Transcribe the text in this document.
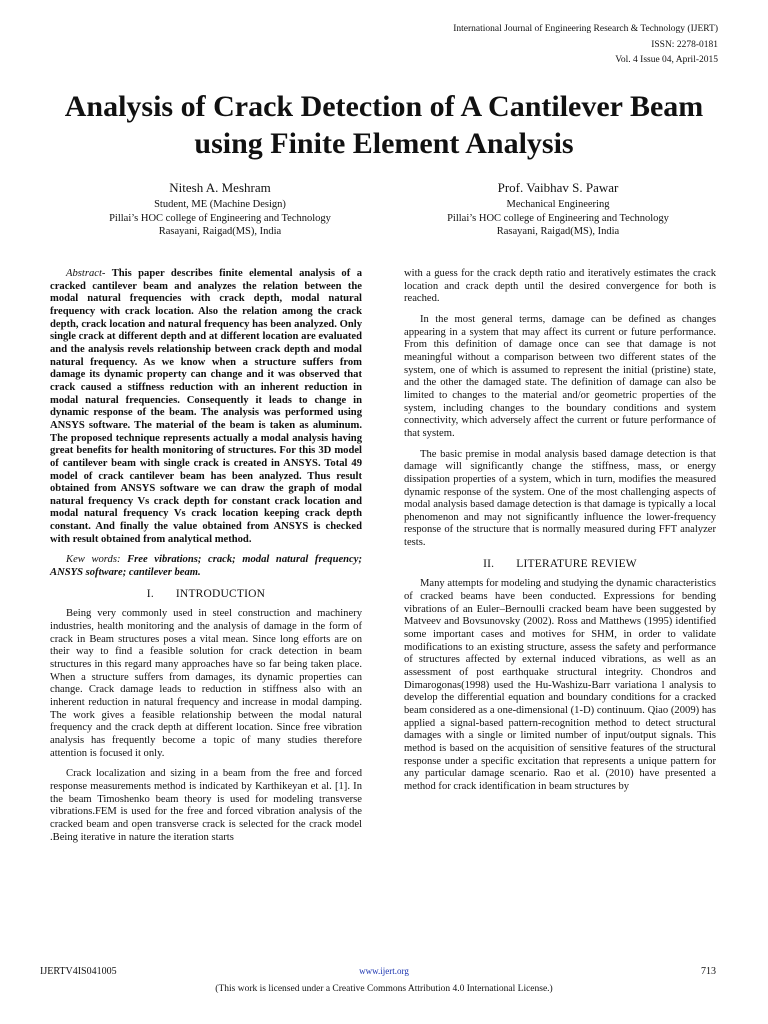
International Journal of Engineering Research & Technology (IJERT)
ISSN: 2278-0181
Vol. 4 Issue 04, April-2015
Analysis of Crack Detection of A Cantilever Beam using Finite Element Analysis
Nitesh A. Meshram
Student, ME (Machine Design)
Pillai’s HOC college of Engineering and Technology
Rasayani, Raigad(MS), India
Prof. Vaibhav S. Pawar
Mechanical Engineering
Pillai’s HOC college of Engineering and Technology
Rasayani, Raigad(MS), India

Abstract- This paper describes finite elemental analysis of a cracked cantilever beam and analyzes the relation between the modal natural frequencies with crack depth, modal natural frequency with crack location. Also the relation among the crack depth, crack location and natural frequency has been analyzed. Only single crack at different depth and at different location are evaluated and the analysis revels relationship between crack depth and modal natural frequency. As we know when a structure suffers from damage its dynamic property can change and it was observed that crack caused a stiffness reduction with an inherent reduction in modal natural frequencies. Consequently it leads to change in dynamic response of the beam. The analysis was performed using ANSYS software. The material of the beam is taken as aluminum. The proposed technique represents actually a modal analysis having great benefits for health monitoring of structures. For this 3D model of cantilever beam with single crack is created in ANSYS. Total 49 model of crack cantilever beam has been analyzed. Thus result obtained from ANSYS software we can draw the graph of modal natural frequency Vs crack depth for constant crack location and modal natural frequency Vs crack location keeping crack depth constant. And finally the value obtained from ANSYS is checked with result obtained from analytical method.

Kew words: Free vibrations; crack; modal natural frequency; ANSYS software; cantilever beam.

I. INTRODUCTION

Being very commonly used in steel construction and machinery industries, health monitoring and the analysis of damage in the form of crack in Beam structures poses a vital mean. Since long efforts are on their way to find a feasible solution for crack detection in beam structures in this regard many approaches have so far being taken place. When a structure suffers from damages, its dynamic properties can change. Crack damage leads to reduction in stiffness also with an inherent reduction in natural frequency and increase in modal damping. The work gives a feasible relationship between the modal natural frequency and the crack depth at different location. Since free vibration analysis has frequently become a topic of many studies therefore attention is focused it only.

Crack localization and sizing in a beam from the free and forced response measurements method is indicated by Karthikeyan et al. [1]. In the beam Timoshenko beam theory is used for modeling transverse vibrations.FEM is used for the free and forced vibration analysis of the cracked beam and open transverse crack is selected for the crack model .Being iterative in nature the iteration starts

with a guess for the crack depth ratio and iteratively estimates the crack location and crack depth until the desired convergence for both is reached.

In the most general terms, damage can be defined as changes appearing in a system that may affect its current or future performance. From this definition of damage once can see that damage is not meaningful without a comparison between two different states of the system, one of which is assumed to represent the initial (pristine) state, and the other the damaged state. The definition of damage can also be limited to changes to the material and/or geometric properties of the system, including changes to the boundary conditions and system connectivity, which adversely affect the current or future performance of that system.

The basic premise in modal analysis based damage detection is that damage will significantly change the stiffness, mass, or energy dissipation properties of a system, which in turn, modifies the measured dynamic response of the system. One of the most challenging aspects of modal analysis based damage detection is that damage is typically a local phenomenon and may not significantly influence the lower-frequency response of the structure that is normally measured during FFT analyzer tests.

II. LITERATURE REVIEW

Many attempts for modeling and studying the dynamic characteristics of cracked beams have been conducted. Expressions for bending vibrations of an Euler–Bernoulli cracked beam have been suggested by Matveev and Bovsunovsky (2002). Ross and Matthews (1995) identified some important cases and motives for SHM, in order to validate modifications to an existing structure, assess the safety and performance of structures affected by external induced vibrations, as well as an assessment of post earthquake structural integrity. Chondros and Dimarogonas(1998) used the Hu-Washizu-Barr variationa l analysis to develop the differential equation and boundary conditions for a cracked beam considered as a one-dimensional (1-D) continuum. Qiao (2009) has applied a signal-based pattern-recognition method to detect structural damages with a single or limited number of input/output signals. This method is based on the acquisition of sensitive features of the structural response under a specific excitation that represents a unique pattern for any particular damage scenario. Rao et al. (2010) have presented a method for crack identification in beam structures by

IJERTV4IS041005	www.ijert.org	713
(This work is licensed under a Creative Commons Attribution 4.0 International License.)
